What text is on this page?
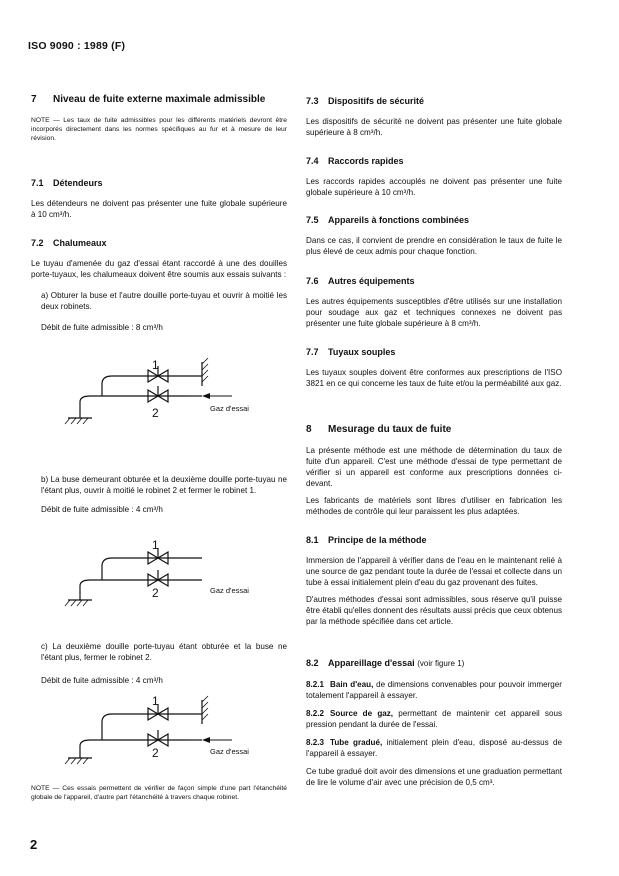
ISO 9090 : 1989 (F)
7 Niveau de fuite externe maximale admissible
NOTE — Les taux de fuite admissibles pour les différents matériels devront être incorporés directement dans les normes spécifiques au fur et à mesure de leur révision.
7.1 Détendeurs
Les détendeurs ne doivent pas présenter une fuite globale supérieure à 10 cm³/h.
7.2 Chalumeaux
Le tuyau d'amenée du gaz d'essai étant raccordé à une des douilles porte-tuyaux, les chalumeaux doivent être soumis aux essais suivants :
a) Obturer la buse et l'autre douille porte-tuyau et ouvrir à moitié les deux robinets.
Débit de fuite admissible : 8 cm³/h
1
2	Gaz d'essai
b) La buse demeurant obturée et la deuxième douille porte-tuyau ne l'étant plus, ouvrir à moitié le robinet 2 et fermer le robinet 1.
Débit de fuite admissible : 4 cm³/h
1
2	Gaz d'essai
c) La deuxième douille porte-tuyau étant obturée et la buse ne l'étant plus, fermer le robinet 2.
Débit de fuite admissible : 4 cm³/h
1
2	Gaz d'essai
NOTE — Ces essais permettent de vérifier de façon simple d'une part l'étanchéité globale de l'appareil, d'autre part l'étanchéité à travers chaque robinet.
2
7.3 Dispositifs de sécurité
Les dispositifs de sécurité ne doivent pas présenter une fuite globale supérieure à 8 cm³/h.
7.4 Raccords rapides
Les raccords rapides accouplés ne doivent pas présenter une fuite globale supérieure à 10 cm³/h.
7.5 Appareils à fonctions combinées
Dans ce cas, il convient de prendre en considération le taux de fuite le plus élevé de ceux admis pour chaque fonction.
7.6 Autres équipements
Les autres équipements susceptibles d'être utilisés sur une installation pour soudage aux gaz et techniques connexes ne doivent pas présenter une fuite globale supérieure à 8 cm³/h.
7.7 Tuyaux souples
Les tuyaux souples doivent être conformes aux prescriptions de l'ISO 3821 en ce qui concerne les taux de fuite et/ou la perméabilité aux gaz.
8 Mesurage du taux de fuite
La présente méthode est une méthode de détermination du taux de fuite d'un appareil. C'est une méthode d'essai de type permettant de vérifier si un appareil est conforme aux prescriptions données ci-devant.
Les fabricants de matériels sont libres d'utiliser en fabrication les méthodes de contrôle qui leur paraissent les plus adaptées.
8.1 Principe de la méthode
Immersion de l'appareil à vérifier dans de l'eau en le maintenant relié à une source de gaz pendant toute la durée de l'essai et collecte dans un tube à essai initialement plein d'eau du gaz provenant des fuites.
D'autres méthodes d'essai sont admissibles, sous réserve qu'il puisse être établi qu'elles donnent des résultats aussi précis que ceux obtenus par la méthode spécifiée dans cet article.
8.2 Appareillage d'essai (voir figure 1)
8.2.1 Bain d'eau, de dimensions convenables pour pouvoir immerger totalement l'appareil à essayer.
8.2.2 Source de gaz, permettant de maintenir cet appareil sous pression pendant la durée de l'essai.
8.2.3 Tube gradué, initialement plein d'eau, disposé au-dessus de l'appareil à essayer.
Ce tube gradué doit avoir des dimensions et une graduation permettant de lire le volume d'air avec une précision de 0,5 cm³.
